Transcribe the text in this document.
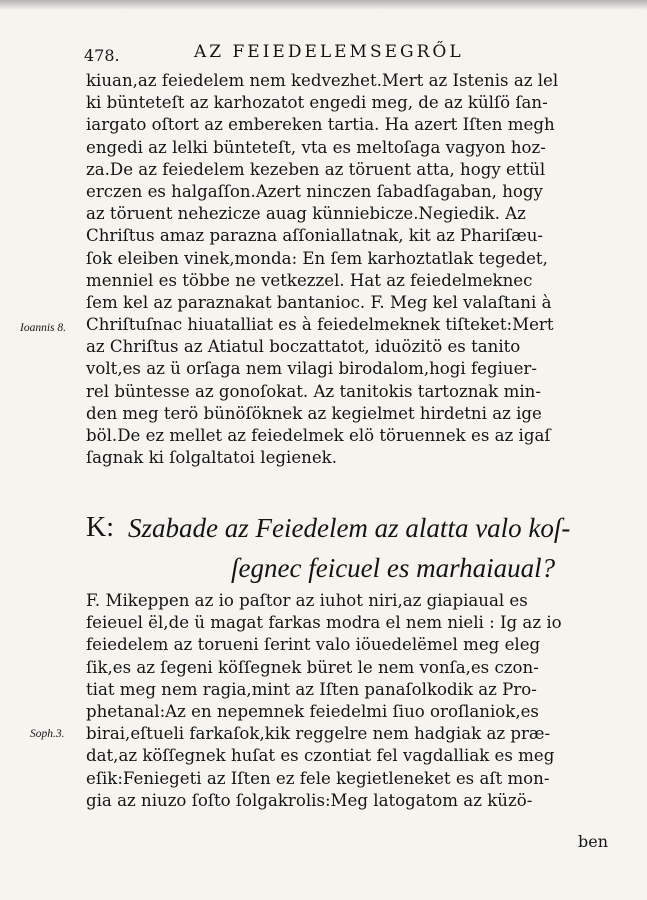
478.	AZ FEIEDELEMSEGRŐL
kiuan,az feiedelem nem kedvezhet.Mert az Istenis az lel
ki bünteteſt az karhozatot engedi meg, de az külſö ſan-
iargato oſtort az embereken tartia. Ha azert Iſten megh
engedi az lelki bünteteſt, vta es meltoſaga vagyon hoz-
za.De az feiedelem kezeben az töruent atta, hogy ettül
erczen es halgaſſon.Azert ninczen ſabadſagaban, hogy
az töruent nehezicze auag künniebicze.Negiedik. Az
Chriſtus amaz parazna aſſoniallatnak, kit az Phariſæu-
ſok eleiben vinek,monda: En ſem karhoztatlak tegedet,
menniel es többe ne vetkezzel. Hat az feiedelmeknec
ſem kel az paraznakat bantanioc. F. Meg kel valaſtani à
Chriſtuſnac hiuatalliat es à feiedelmeknek tiſteket:Mert
az Chriſtus az Atiatul boczattatot, iduözitö es tanito
volt,es az ü orſaga nem vilagi birodalom,hogi fegiuer-
rel büntesse az gonoſokat. Az tanitokis tartoznak min-
den meg terö bünöſöknek az kegielmet hirdetni az ige
böl.De ez mellet az feiedelmek elö töruennek es az igaſ
ſagnak ki ſolgaltatoi legienek.
Ioannis 8.
K: Szabade az Feiedelem az alatta valo koſ-
ſegnec feicuel es marhaiaual?
F. Mikeppen az io paſtor az iuhot niri,az giapiaual es
feieuel ël,de ü magat farkas modra el nem nieli : Ig az io
feiedelem az torueni ſerint valo iöuedelëmel meg eleg
ſik,es az ſegeni köſſegnek büret le nem vonſa,es czon-
tiat meg nem ragia,mint az Iſten panaſolkodik az Pro-
phetanal:Az en nepemnek feiedelmi ſiuo oroſlaniok,es
birai,eſtueli farkaſok,kik reggelre nem hadgiak az præ-
dat,az köſſegnek huſat es czontiat fel vagdalliak es meg
eſik:Feniegeti az Iſten ez fele kegietleneket es aſt mon-
gia az niuzo ſoſto ſolgakrolis:Meg latogatom az küzö-
Soph.3.
ben
